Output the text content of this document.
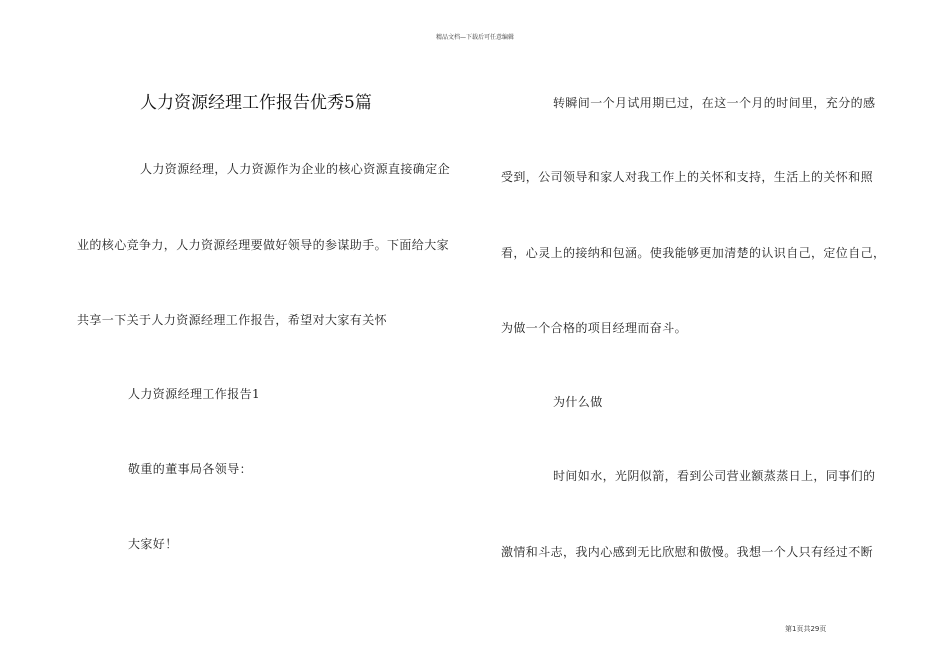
精品文档—下载后可任意编辑
人力资源经理工作报告优秀5篇
人力资源经理，人力资源作为企业的核心资源直接确定企
业的核心竞争力，人力资源经理要做好领导的参谋助手。下面给大家
共享一下关于人力资源经理工作报告，希望对大家有关怀
人力资源经理工作报告1
敬重的董事局各领导：
大家好！
转瞬间一个月试用期已过，在这一个月的时间里，充分的感
受到，公司领导和家人对我工作上的关怀和支持，生活上的关怀和照
看，心灵上的接纳和包涵。使我能够更加清楚的认识自己，定位自己，
为做一个合格的项目经理而奋斗。
为什么做
时间如水，光阴似箭，看到公司营业额蒸蒸日上，同事们的
激情和斗志，我内心感到无比欣慰和傲慢。我想一个人只有经过不断
第1页共29页
